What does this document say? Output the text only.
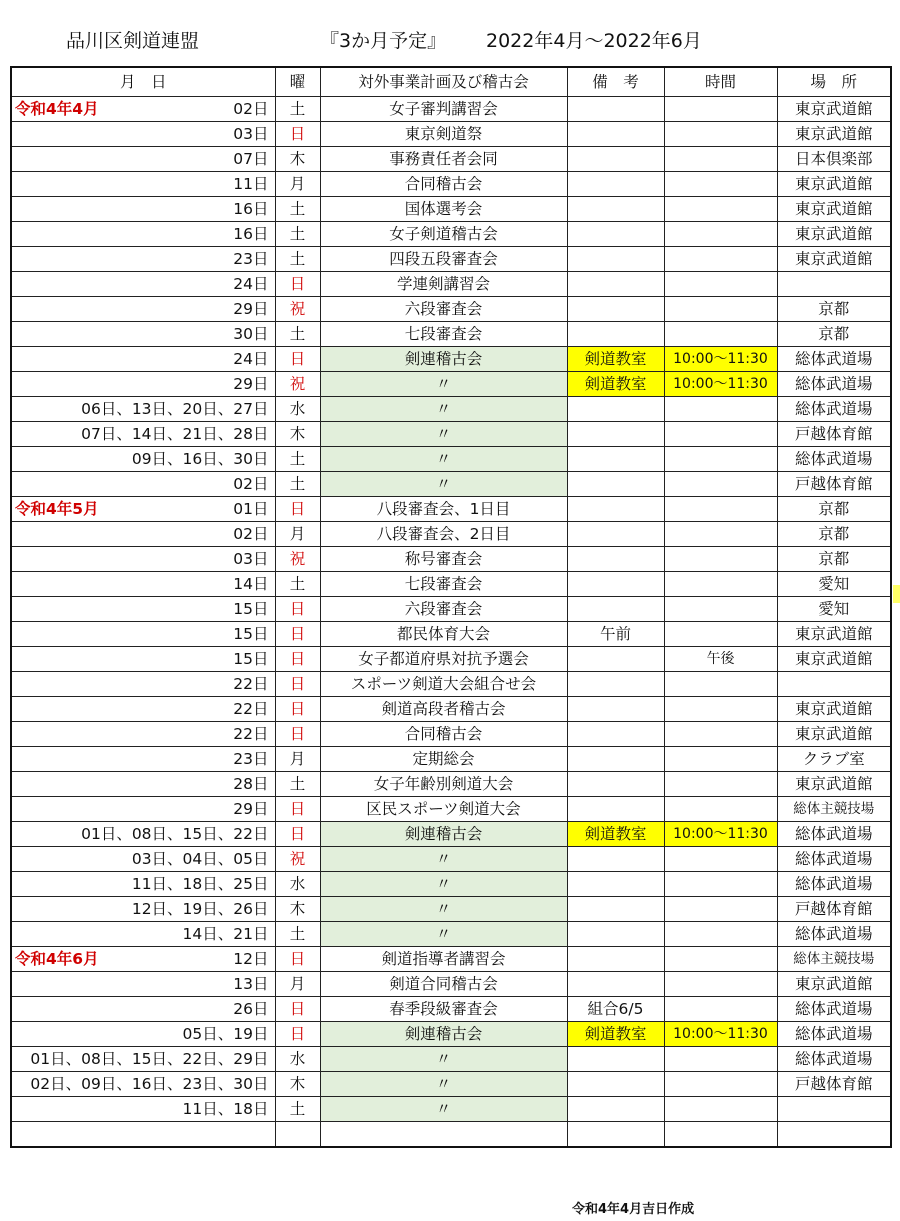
品川区剣道連盟	『3か月予定』 2022年4月～2022年6月
月　日	曜	対外事業計画及び稽古会	備　考	時間	場　所

令和4年4月 02日	土	女子審判講習会			東京武道館
03日	日	東京剣道祭			東京武道館
07日	木	事務責任者会同			日本倶楽部
11日	月	合同稽古会			東京武道館
16日	土	国体選考会			東京武道館
16日	土	女子剣道稽古会			東京武道館
23日	土	四段五段審査会			東京武道館
24日	日	学連剣講習会			
29日	祝	六段審査会			京都
30日	土	七段審査会			京都
24日	日	剣連稽古会	剣道教室	10:00～11:30	総体武道場
29日	祝	〃	剣道教室	10:00～11:30	総体武道場
06日、13日、20日、27日	水	〃			総体武道場
07日、14日、21日、28日	木	〃			戸越体育館
09日、16日、30日	土	〃			総体武道場
02日	土	〃			戸越体育館

令和4年5月 01日	日	八段審査会、1日目			京都
02日	月	八段審査会、2日目			京都
03日	祝	称号審査会			京都
14日	土	七段審査会			愛知
15日	日	六段審査会			愛知
15日	日	都民体育大会	午前		東京武道館
15日	日	女子都道府県対抗予選会		午後	東京武道館
22日	日	スポーツ剣道大会組合せ会			
22日	日	剣道高段者稽古会			東京武道館
22日	日	合同稽古会			東京武道館
23日	月	定期総会			クラブ室
28日	土	女子年齢別剣道大会			東京武道館
29日	日	区民スポーツ剣道大会			総体主競技場
01日、08日、15日、22日	日	剣連稽古会	剣道教室	10:00～11:30	総体武道場
03日、04日、05日	祝	〃			総体武道場
11日、18日、25日	水	〃			総体武道場
12日、19日、26日	木	〃			戸越体育館
14日、21日	土	〃			総体武道場

令和4年6月 12日	日	剣道指導者講習会			総体主競技場
13日	月	剣道合同稽古会			東京武道館
26日	日	春季段級審査会	組合6/5		総体武道場
05日、19日	日	剣連稽古会	剣道教室	10:00～11:30	総体武道場
01日、08日、15日、22日、29日	水	〃			総体武道場
02日、09日、16日、23日、30日	木	〃			戸越体育館
11日、18日	土	〃			

令和4年4月吉日作成
